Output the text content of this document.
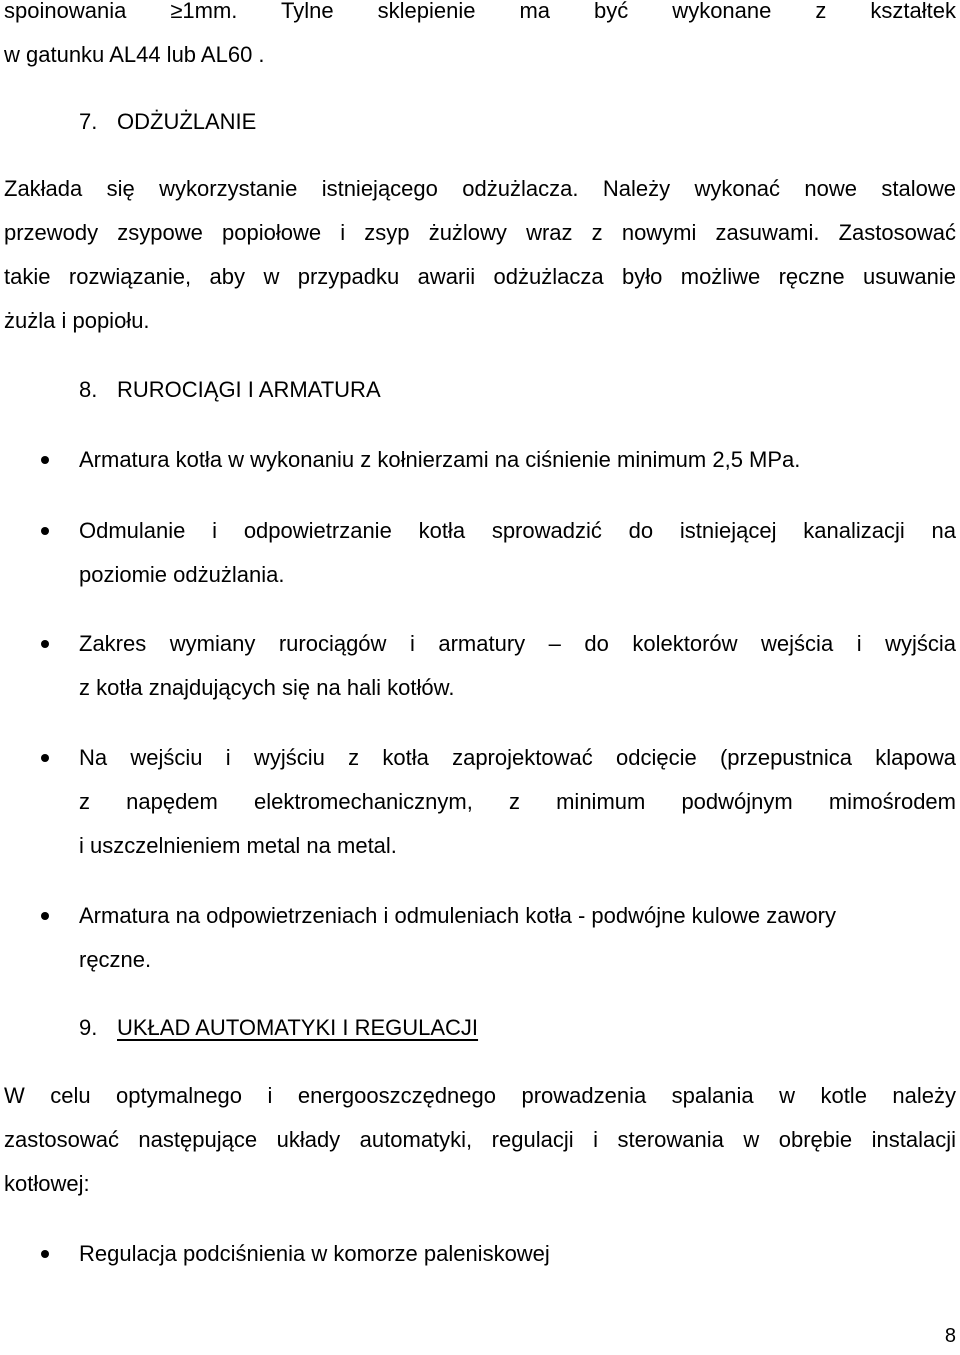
spoinowania ≥1mm. Tylne sklepienie ma być wykonane z kształtek
w gatunku AL44 lub AL60 .
7. ODŻUŻLANIE
Zakłada się wykorzystanie istniejącego odżużlacza. Należy wykonać nowe stalowe
przewody zsypowe popiołowe i zsyp żużlowy wraz z nowymi zasuwami. Zastosować
takie rozwiązanie, aby w przypadku awarii odżużlacza było możliwe ręczne usuwanie
żużla i popiołu.
8. RUROCIĄGI I ARMATURA
Armatura kotła w wykonaniu z kołnierzami na ciśnienie minimum 2,5 MPa.
Odmulanie i odpowietrzanie kotła sprowadzić do istniejącej kanalizacji na
poziomie odżużlania.
Zakres wymiany rurociągów i armatury – do kolektorów wejścia i wyjścia
z kotła znajdujących się na hali kotłów.
Na wejściu i wyjściu z kotła zaprojektować odcięcie (przepustnica klapowa
z napędem elektromechanicznym, z minimum podwójnym mimośrodem
i uszczelnieniem metal na metal.
Armatura na odpowietrzeniach i odmuleniach kotła - podwójne kulowe zawory
ręczne.
9. UKŁAD AUTOMATYKI I REGULACJI
W celu optymalnego i energooszczędnego prowadzenia spalania w kotle należy
zastosować następujące układy automatyki, regulacji i sterowania w obrębie instalacji
kotłowej:
Regulacja podciśnienia w komorze paleniskowej
8
